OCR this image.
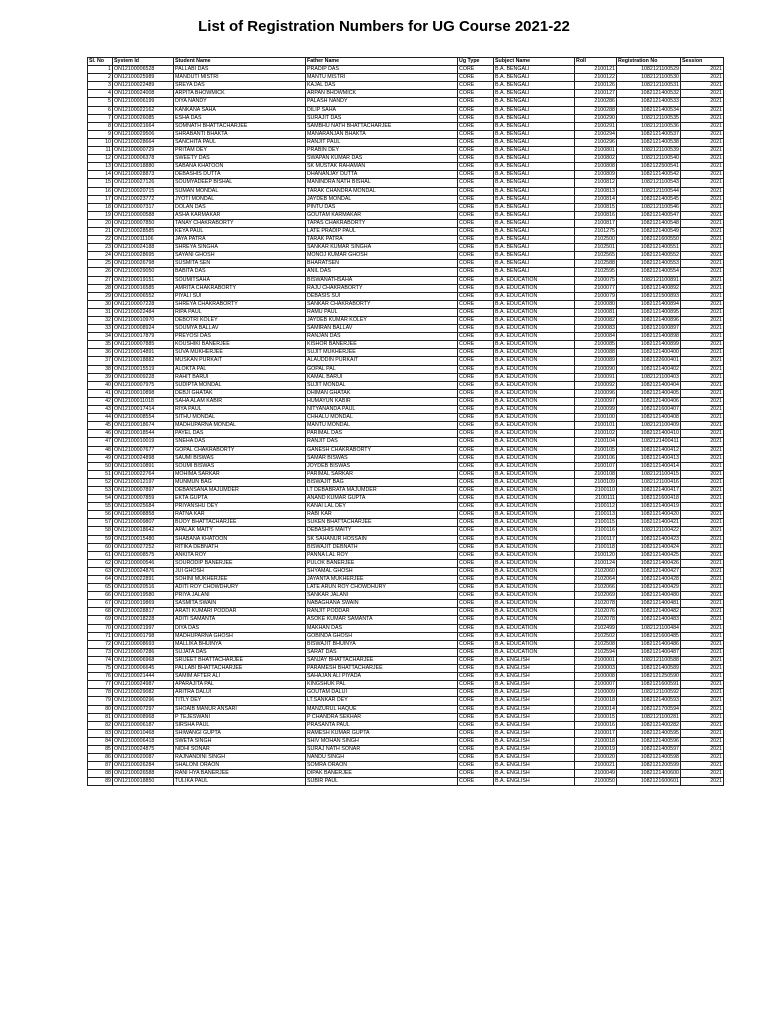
List of Registration Numbers for UG Course 2021-22
Sl. No	System Id	Student Name	Father Name	Ug Type	Subject Name	Roll	Registration No	Session
1	ON12100006528	PALLABI DAS	PRADIP DAS	CORE	B.A. BENGALI	2100121	1082121100529	2021
2	ON12100025989	MANDUTI MISTRI	MANTU MISTRI	CORE	B.A. BENGALI	2100122	1082121100530	2021
3	ON12100022489	SREYA DAS	KAJAL DAS	CORE	B.A. BENGALI	2100126	1082121100531	2021
4	ON12100024008	ARPITA BHOWMICK	ARPAN BHOWMICK	CORE	B.A. BENGALI	2100127	1082121400532	2021
5	ON12100006199	DIYA NANDY	PALASH NANDY	CORE	B.A. BENGALI	2100286	1082121400533	2021
6	ON12100022162	KANKANA SAHA	DILIP SAHA	CORE	B.A. BENGALI	2100288	1082121400534	2021
7	ON12100026085	ESHA DAS	SURAJIT DAS	CORE	B.A. BENGALI	2100290	1082121100535	2021
8	ON12100021664	SOMNATH BHATTACHARJEE	SAMBHU NATH BHATTACHARJEE	CORE	B.A. BENGALI	2100291	1082121100536	2021
9	ON12100029506	SHRABANTI BHAKTA	MANARANJAN BHAKTA	CORE	B.A. BENGALI	2100294	1082121400537	2021
10	ON12100028664	SANCHITA PAUL	RANJIT PAUL	CORE	B.A. BENGALI	2100296	1082121400538	2021
11	ON12100000729	PRITAM DEY	PRABIN DEY	CORE	B.A. BENGALI	2100801	1082121100539	2021
12	ON12100006378	SWEETY DAS	SWAPAN KUMAR DAS	CORE	B.A. BENGALI	2100802	1082121100540	2021
13	ON12100018880	SABANA KHATOON	SK MUSTAK RAHAMAN	CORE	B.A. BENGALI	2100808	1082122500541	2021
14	ON12100028873	DEBASHIS DUTTA	DHANANJAY DUTTA	CORE	B.A. BENGALI	2100809	1082121400542	2021
15	ON12100027126	SOUMYADEEP BISHAL	MANINDRA NATH BISHAL	CORE	B.A. BENGALI	2100812	1082121100543	2021
16	ON12100020715	SUMAN MONDAL	TARAK CHANDRA MONDAL	CORE	B.A. BENGALI	2100813	1082121100544	2021
17	ON12100023772	JYOTI MONDAL	JAYDEB MONDAL	CORE	B.A. BENGALI	2100814	1082121400545	2021
18	ON12100007317	DOLAN DAS	PINTU DAS	CORE	B.A. BENGALI	2100815	1082121100546	2021
19	ON12100000588	ASHA KARMAKAR	GOUTAM KARMAKAR	CORE	B.A. BENGALI	2100816	1082121400547	2021
20	ON12100007850	TANAY CHAKRABORTY	TAPAS CHAKRABORTY	CORE	B.A. BENGALI	2100817	1082121400548	2021
21	ON12100028585	KEYA PAUL	LATE PRADIP PAUL	CORE	B.A. BENGALI	2101275	1082121400549	2021
22	ON12100011106	JAYA PATRA	TARAK PATRA	CORE	B.A. BENGALI	2102500	1082121600550	2021
23	ON12100024188	SHREYA SINGHA	SANKAR KUMAR SINGHA	CORE	B.A. BENGALI	2102501	1082121400551	2021
24	ON12100028695	SAYANI GHOSH	MONOJ KUMAR GHOSH	CORE	B.A. BENGALI	2102565	1082121400552	2021
25	ON12100026798	SUSMITA SEN	BHARATSEN	CORE	B.A. BENGALI	2102588	1082121400553	2021
26	ON12100029050	BABITA DAS	ANIL DAS	CORE	B.A. BENGALI	2102595	1082121400554	2021
27	ON12100019151	SOUMITSAHA	BISWANATHSAHA	CORE	B.A. EDUCATION	2100075	1082121100891	2021
28	ON12100016585	AMRITA CHAKRABORTY	RAJU CHAKRABORTY	CORE	B.A. EDUCATION	2100077	1082121400892	2021
29	ON12100006552	PIYALI SUI	DEBASIS SUI	CORE	B.A. EDUCATION	2100079	1082121500893	2021
30	ON12100007228	SHREYA CHAKRABORTY	SANKAR CHAKRABORTY	CORE	B.A. EDUCATION	2100080	1082121400894	2021
31	ON12100022484	RIPA PAUL	RAMU PAUL	CORE	B.A. EDUCATION	2100081	1082121400895	2021
32	ON12100010970	DEBOTRI KOLEY	JAYDEB KUMAR KOLEY	CORE	B.A. EDUCATION	2100082	1082121400896	2021
33	ON12100008924	SOUMYA BALLAV	SAMIRAN BALLAV	CORE	B.A. EDUCATION	2100083	1082121600897	2021
34	ON12100017879	PREYOSI DAS	RANJAN DAS	CORE	B.A. EDUCATION	2100084	1082121400898	2021
35	ON12100007885	KOUSHIKI BANERJEE	KISHOR BANERJEE	CORE	B.A. EDUCATION	2100085	1082121400899	2021
36	ON12100014891	SUVA MUKHERJEE	SUJIT MUKHERJEE	CORE	B.A. EDUCATION	2100088	1082121400400	2021
37	ON12100018882	MUSKAN PURKAIT	ALAUDDIN PURKAIT	CORE	B.A. EDUCATION	2100089	1082122600401	2021
38	ON12100015519	ALOKTA PAL	GOPAL PAL	CORE	B.A. EDUCATION	2100090	1082121400402	2021
39	ON12100009228	RAHIT BARUI	KAMAL BARUI	CORE	B.A. EDUCATION	2100091	1082121100403	2021
40	ON12100007975	SUDIPTA MONDAL	SUJIT MONDAL	CORE	B.A. EDUCATION	2100092	1082121400404	2021
41	ON12100010898	DEBJI GHATAK	DHIMAN GHATAK	CORE	B.A. EDUCATION	2100096	1082121400405	2021
42	ON12100011018	SAHA ALAM KABIR	HUMAYUN KABIR	CORE	B.A. EDUCATION	2100097	1082121400406	2021
43	ON12100017414	RIYA PAUL	NITYANANDA PAUL	CORE	B.A. EDUCATION	2100099	1082121600407	2021
44	ON12100008554	SITHU MONDAL	CHHALU MONDAL	CORE	B.A. EDUCATION	2100100	1082121400408	2021
45	ON12100018674	MADHUPARNA MONDAL	MANTU MONDAL	CORE	B.A. EDUCATION	2100101	1082121100409	2021
46	ON12100018544	PAYEL DAS	PARIMAL DAS	CORE	B.A. EDUCATION	2100102	1082121400410	2021
47	ON12100010019	SNEHA DAS	RANJIT DAS	CORE	B.A. EDUCATION	2100104	1082121400411	2021
48	ON12100007677	GOPAL CHAKRABORTY	GANESH CHAKRABORTY	CORE	B.A. EDUCATION	2100105	1082121400412	2021
49	ON12100024898	SAUMI BISWAS	SAMAR BISWAS	CORE	B.A. EDUCATION	2100106	1082121400413	2021
50	ON12100010891	SOUMI BISWAS	JOYDEB BISWAS	CORE	B.A. EDUCATION	2100107	1082121400414	2021
51	ON12100022764	MOHIMA SARKAR	PARIMAL SARKAR	CORE	B.A. EDUCATION	2100108	1082121100415	2021
52	ON12100012197	MUNMUN BAG	BISWAJIT BAG	CORE	B.A. EDUCATION	2100109	1082121100416	2021
53	ON12100007897	DEBANSANA MAJUMDER	LT DEBABRATA MAJUMDER	CORE	B.A. EDUCATION	2100110	1082121400417	2021
54	ON12100007859	EKTA GUPTA	ANAND KUMAR GUPTA	CORE	B.A. EDUCATION	2100111	1082121600418	2021
55	ON12100025684	PRIYANSHU DEY	KANAI LAL DEY	CORE	B.A. EDUCATION	2100112	1082121400419	2021
56	ON12100008858	RATNA KAR	RABI KAR	CORE	B.A. EDUCATION	2100113	1082121400420	2021
57	ON12100009807	BIJOY BHATTACHARJEE	SUKEN BHATTACHARJEE	CORE	B.A. EDUCATION	2100115	1082121400421	2021
58	ON12100018642	APALAK MAITY	DEBASHIS MAITY	CORE	B.A. EDUCATION	2100116	1082121100422	2021
59	ON12100015480	SHABANA KHATOON	SK SAHANUR HOSSAIN	CORE	B.A. EDUCATION	2100117	1082121400423	2021
60	ON12100027252	RITIKA DEBNATH	BISWAJIT DEBNATH	CORE	B.A. EDUCATION	2100118	1082121400424	2021
61	ON12100008575	ANKITA ROY	PANNA LAL ROY	CORE	B.A. EDUCATION	2100120	1082121400425	2021
62	ON12100000546	SOURODIP BANERJEE	PULOK BANERJEE	CORE	B.A. EDUCATION	2100124	1082121400426	2021
63	ON12100024876	JUI GHOSH	SHYAMAL GHOSH	CORE	B.A. EDUCATION	2102060	1082121400427	2021
64	ON12100022891	SOHINI MUKHERJEE	JAYANTA MUKHERJEE	CORE	B.A. EDUCATION	2102064	1082121400428	2021
65	ON12100020516	ADITI ROY CHOWDHURY	LATE ARUN ROY CHOWDHURY	CORE	B.A. EDUCATION	2102066	1082121400429	2021
66	ON12100019580	PRIYA JALANI	SANKAR JALANI	CORE	B.A. EDUCATION	2102069	1082121400480	2021
67	ON12100019869	SASMITA SWAIN	NABAGHANA SWAIN	CORE	B.A. EDUCATION	2102078	1082121400481	2021
68	ON12100028817	ARATI KUMARI PODDAR	RANJIT PODDAR	CORE	B.A. EDUCATION	2102076	1082121400482	2021
69	ON12100018228	ADITI SAMANTA	ASOKE KUMAR SAMANTA	CORE	B.A. EDUCATION	2102078	1082121400483	2021
70	ON12100021997	DIYA DAS	MAKHAN DAS	CORE	B.A. EDUCATION	2102499	1082121100484	2021
71	ON12100001798	MADHUPARNA GHOSH	GOBINDA GHOSH	CORE	B.A. EDUCATION	2102502	1082121600485	2021
72	ON12100008693	MALLIKA BHUINYA	BISWAJIT BHUINYA	CORE	B.A. EDUCATION	2102508	1082121400486	2021
73	ON12100007286	SUJATA DAS	SARAT DAS	CORE	B.A. EDUCATION	2102594	1082121400487	2021
74	ON12100006968	SRIJEET BHATTACHARJEE	SANJAY BHATTACHARJEE	CORE	B.A. ENGLISH	2100001	1082121100588	2021
75	ON12100006645	PALLABI BHATTACHARJEE	PARAMESH BHATTACHARJEE	CORE	B.A. ENGLISH	2100003	1082121400589	2021
76	ON12100021444	SAMIM AFTER ALI	SAHAJAN ALI PIYADA	CORE	B.A. ENGLISH	2100008	1082121250590	2021
77	ON12100024987	APARAJITA PAL	KINGSHUK PAL	CORE	B.A. ENGLISH	2100007	1082121600591	2021
78	ON12100029082	ARITRA DALUI	GOUTAM DALUI	CORE	B.A. ENGLISH	2100009	1082121100592	2021
79	ON12100000296	TITLY DEY	LT.SANKAR DEY	CORE	B.A. ENGLISH	2100018	1082121400593	2021
80	ON12100007297	SHOAIB MANUR ANSARI	MANZURUL HAQUE	CORE	B.A. ENGLISH	2100014	1082121700594	2021
81	ON12100008968	P TEJESWANI	P CHANDRA SEKHAR	CORE	B.A. ENGLISH	2100015	1082121100281	2021
82	ON12100006187	SIRSHA PAUL	PRASANTA PAUL	CORE	B.A. ENGLISH	2100016	1082121400282	2021
83	ON12100010468	SHIWANGI GUPTA	RAMESH KUMAR GUPTA	CORE	B.A. ENGLISH	2100017	1082121400595	2021
84	ON12100006418	SWETA SINGH	SHIV MOHAN SINGH	CORE	B.A. ENGLISH	2100018	1082121400596	2021
85	ON12100024875	NIDHI SONAR	SURAJ NATH SONAR	CORE	B.A. ENGLISH	2100019	1082121400597	2021
86	ON12100020087	RAJNANDINI SINGH	NANDU SINGH	CORE	B.A. ENGLISH	2100020	1082121400598	2021
87	ON12100026284	SHALONI ORAON	SOMRA ORAON	CORE	B.A. ENGLISH	2100021	1082121200599	2021
88	ON12100026588	RANI HYA BANERJEE	DIPAK BANERJEE	CORE	B.A. ENGLISH	2100049	1082121400600	2021
89	ON12100018850	TULIKA PAUL	SUBIR PAUL	CORE	B.A. ENGLISH	2100050	1082121600601	2021
